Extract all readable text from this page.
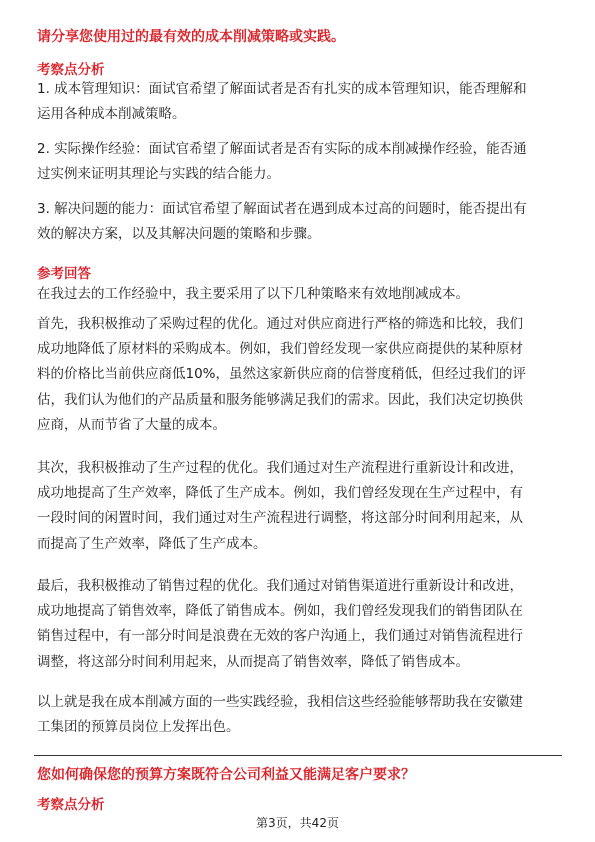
请分享您使用过的最有效的成本削减策略或实践。
考察点分析
1. 成本管理知识：面试官希望了解面试者是否有扎实的成本管理知识，能否理解和
运用各种成本削减策略。
2. 实际操作经验：面试官希望了解面试者是否有实际的成本削减操作经验，能否通
过实例来证明其理论与实践的结合能力。
3. 解决问题的能力：面试官希望了解面试者在遇到成本过高的问题时，能否提出有
效的解决方案，以及其解决问题的策略和步骤。
参考回答
在我过去的工作经验中，我主要采用了以下几种策略来有效地削减成本。
首先，我积极推动了采购过程的优化。通过对供应商进行严格的筛选和比较，我们
成功地降低了原材料的采购成本。例如，我们曾经发现一家供应商提供的某种原材
料的价格比当前供应商低10%，虽然这家新供应商的信誉度稍低，但经过我们的评
估，我们认为他们的产品质量和服务能够满足我们的需求。因此，我们决定切换供
应商，从而节省了大量的成本。
其次，我积极推动了生产过程的优化。我们通过对生产流程进行重新设计和改进，
成功地提高了生产效率，降低了生产成本。例如，我们曾经发现在生产过程中，有
一段时间的闲置时间，我们通过对生产流程进行调整，将这部分时间利用起来，从
而提高了生产效率，降低了生产成本。
最后，我积极推动了销售过程的优化。我们通过对销售渠道进行重新设计和改进，
成功地提高了销售效率，降低了销售成本。例如，我们曾经发现我们的销售团队在
销售过程中，有一部分时间是浪费在无效的客户沟通上，我们通过对销售流程进行
调整，将这部分时间利用起来，从而提高了销售效率，降低了销售成本。
以上就是我在成本削减方面的一些实践经验，我相信这些经验能够帮助我在安徽建
工集团的预算员岗位上发挥出色。
您如何确保您的预算方案既符合公司利益又能满足客户要求？
考察点分析
第3页，共42页
